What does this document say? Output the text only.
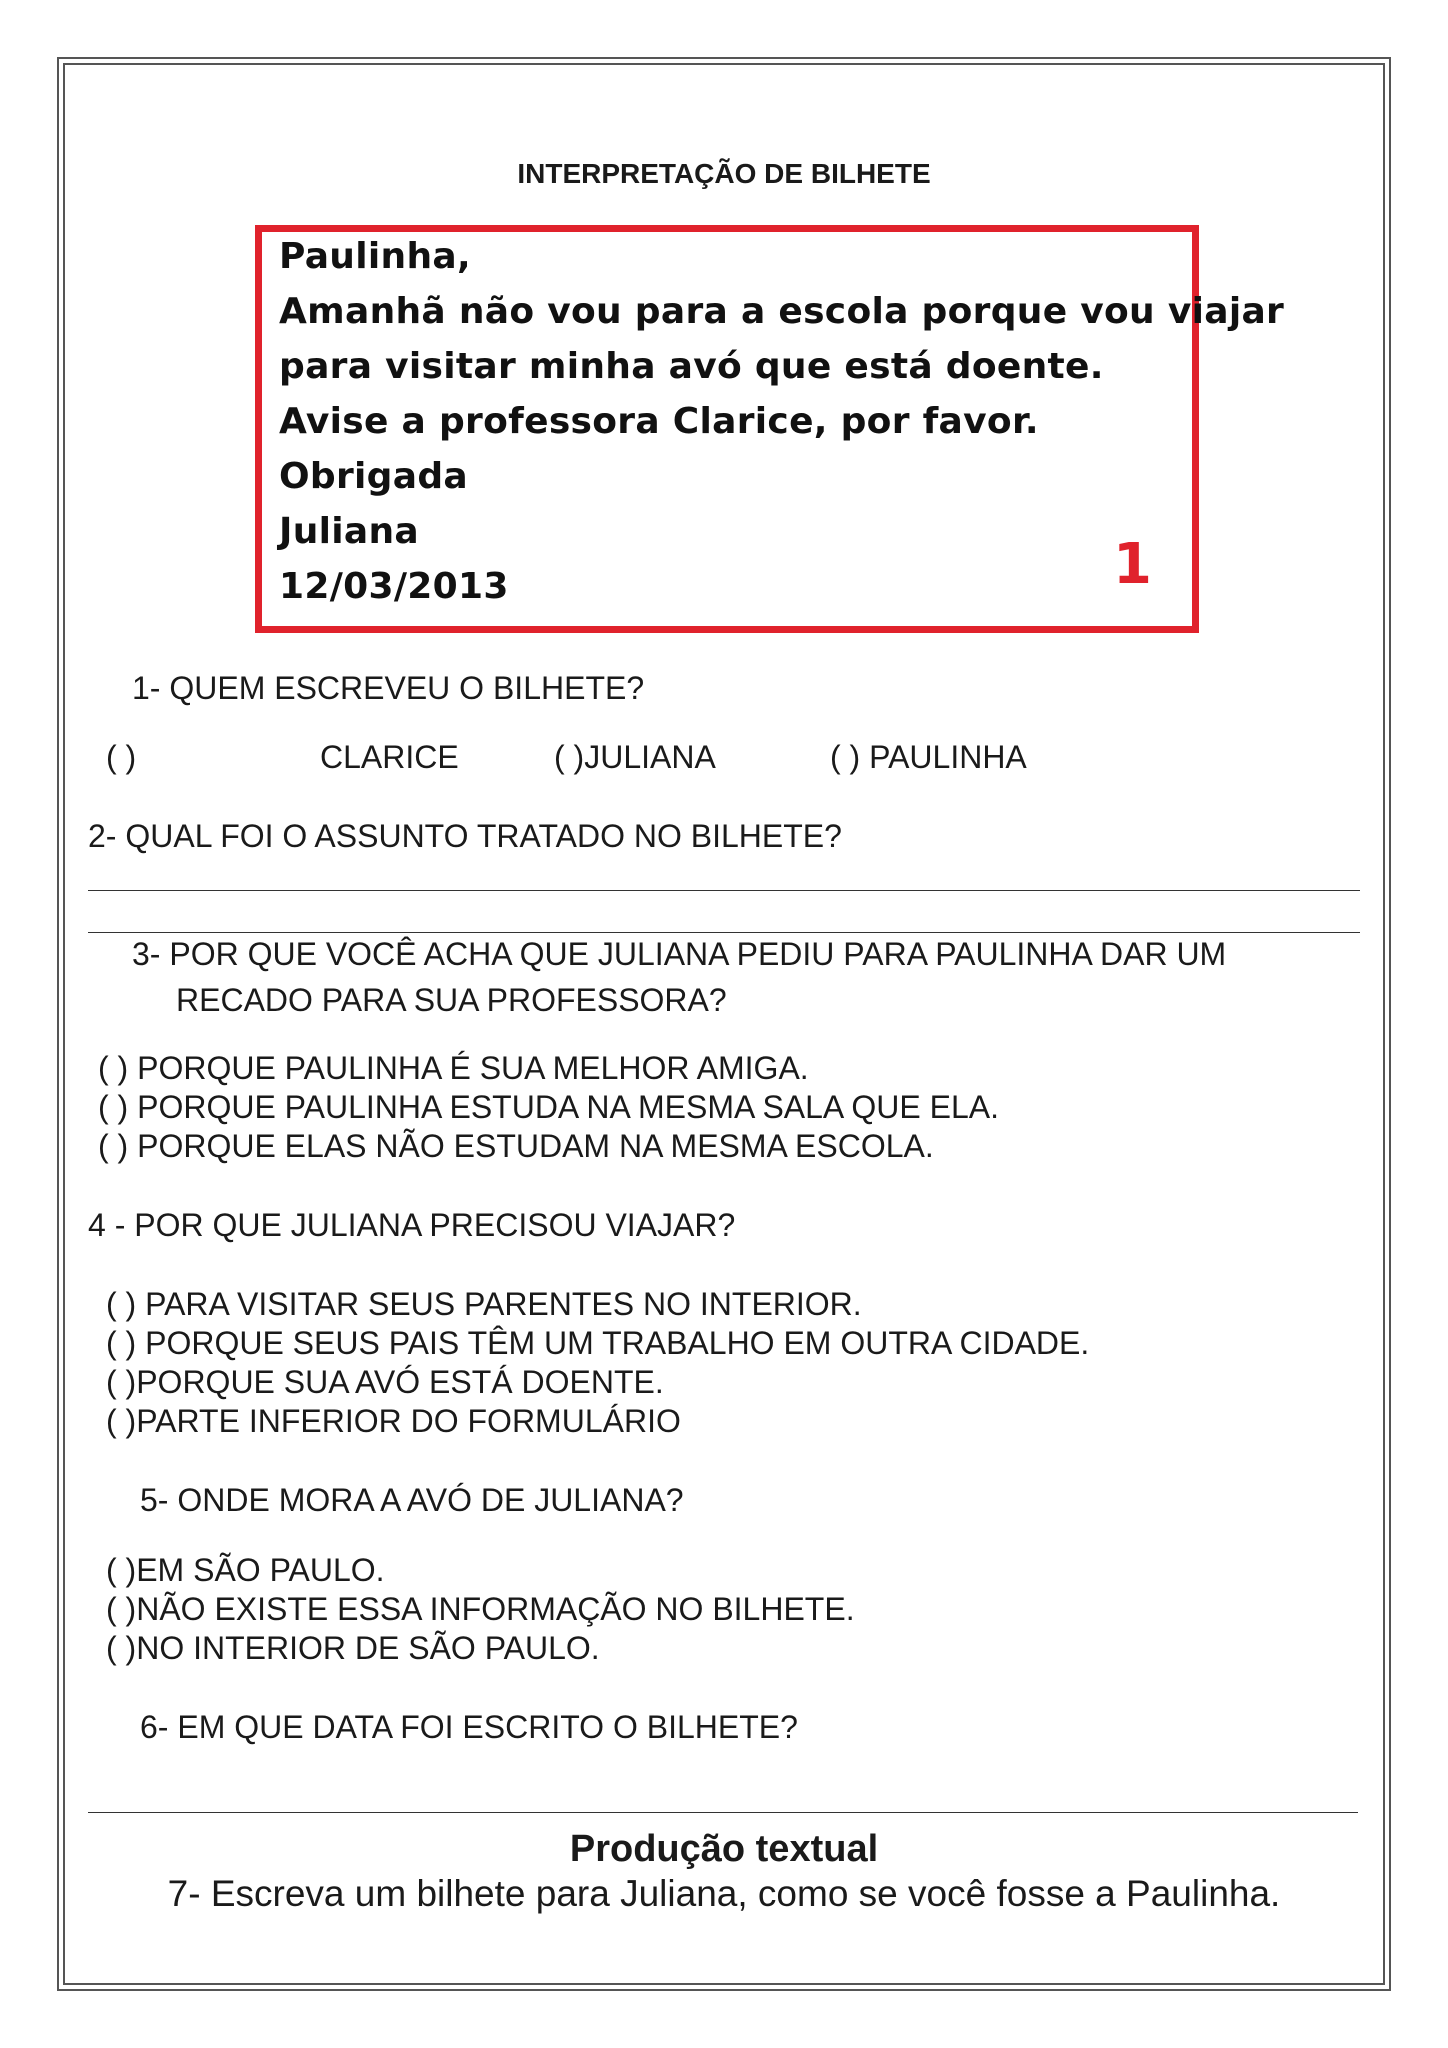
INTERPRETAÇÃO DE BILHETE
Paulinha,
Amanhã não vou para a escola porque vou viajar
para visitar minha avó que está doente.
Avise a professora Clarice, por favor.
Obrigada
Juliana
12/03/2013	1
1- QUEM ESCREVEU O BILHETE?
( )	CLARICE	( )JULIANA	( ) PAULINHA
2- QUAL FOI O ASSUNTO TRATADO NO BILHETE?
3- POR QUE VOCÊ ACHA QUE JULIANA PEDIU PARA PAULINHA DAR UM
RECADO PARA SUA PROFESSORA?
( ) PORQUE PAULINHA É SUA MELHOR AMIGA.
( ) PORQUE PAULINHA ESTUDA NA MESMA SALA QUE ELA.
( ) PORQUE ELAS NÃO ESTUDAM NA MESMA ESCOLA.
4 - POR QUE JULIANA PRECISOU VIAJAR?
( ) PARA VISITAR SEUS PARENTES NO INTERIOR.
( ) PORQUE SEUS PAIS TÊM UM TRABALHO EM OUTRA CIDADE.
( )PORQUE SUA AVÓ ESTÁ DOENTE.
( )PARTE INFERIOR DO FORMULÁRIO
5- ONDE MORA A AVÓ DE JULIANA?
( )EM SÃO PAULO.
( )NÃO EXISTE ESSA INFORMAÇÃO NO BILHETE.
( )NO INTERIOR DE SÃO PAULO.
6- EM QUE DATA FOI ESCRITO O BILHETE?
Produção textual
7- Escreva um bilhete para Juliana, como se você fosse a Paulinha.
